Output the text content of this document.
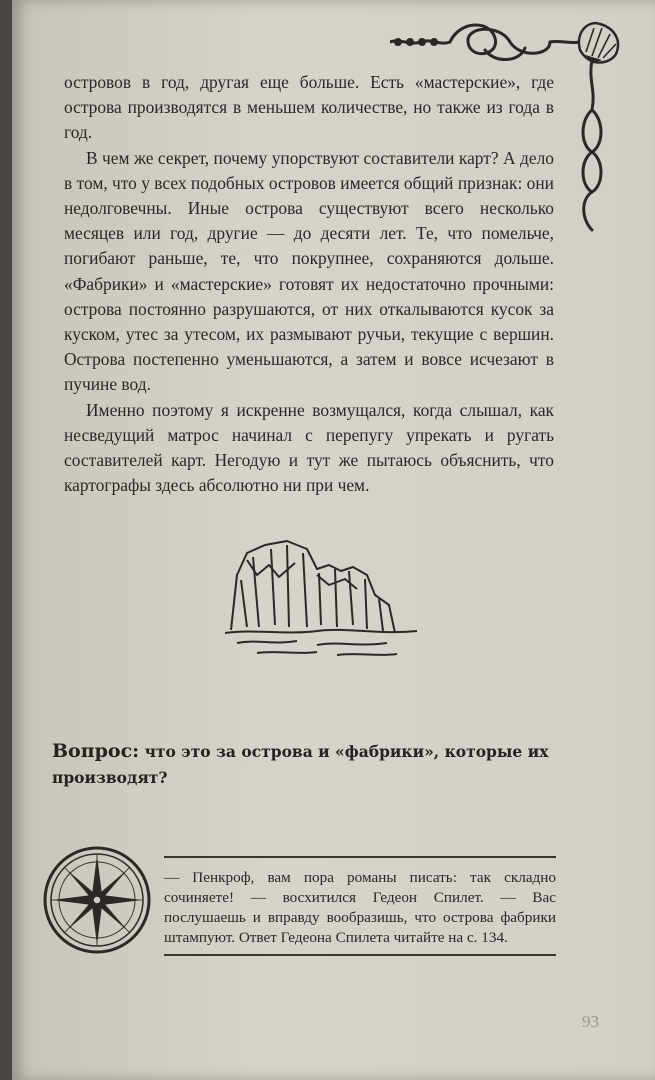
островов в год, другая еще больше. Есть «мастерские», где острова производятся в меньшем количестве, но также из года в год.

В чем же секрет, почему упорствуют составители карт? А дело в том, что у всех подобных островов имеется общий признак: они недолговечны. Иные острова существуют всего несколько месяцев или год, другие — до десяти лет. Те, что помельче, погибают раньше, те, что покрупнее, сохраняются дольше. «Фабрики» и «мастерские» готовят их недостаточно прочными: острова постоянно разрушаются, от них откалываются кусок за куском, утес за утесом, их размывают ручьи, текущие с вершин. Острова постепенно уменьшаются, а затем и вовсе исчезают в пучине вод.

Именно поэтому я искренне возмущался, когда слышал, как несведущий матрос начинал с перепугу упрекать и ругать составителей карт. Негодую и тут же пытаюсь объяснить, что картографы здесь абсолютно ни при чем.

Вопрос: что это за острова и «фабрики», которые их производят?
— Пенкроф, вам пора романы писать: так складно сочиняете! — восхитился Гедеон Спилет. — Вас послушаешь и вправду вообразишь, что острова фабрики штампуют. Ответ Гедеона Спилета читайте на с. 134.
93
